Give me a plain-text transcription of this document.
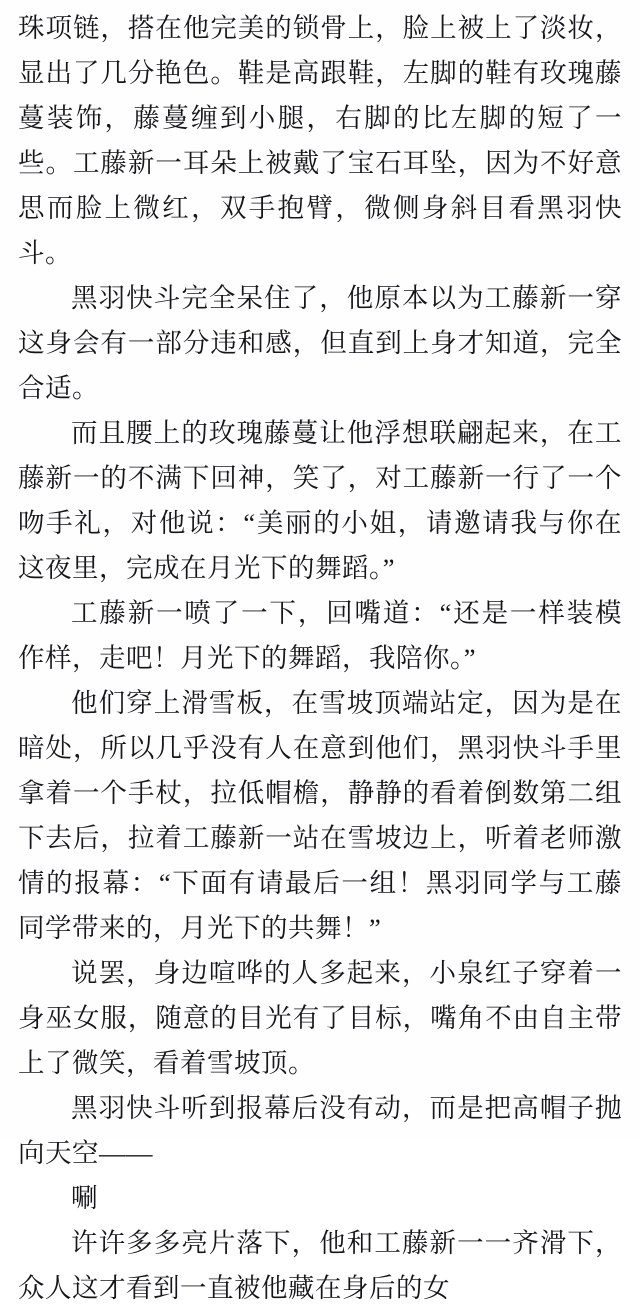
珠项链，搭在他完美的锁骨上，脸上被上了淡妆，显出了几分艳色。鞋是高跟鞋，左脚的鞋有玫瑰藤蔓装饰，藤蔓缠到小腿，右脚的比左脚的短了一些。工藤新一耳朵上被戴了宝石耳坠，因为不好意思而脸上微红，双手抱臂，微侧身斜目看黑羽快斗。

黑羽快斗完全呆住了，他原本以为工藤新一穿这身会有一部分违和感，但直到上身才知道，完全合适。

而且腰上的玫瑰藤蔓让他浮想联翩起来，在工藤新一的不满下回神，笑了，对工藤新一行了一个吻手礼，对他说：“美丽的小姐，请邀请我与你在这夜里，完成在月光下的舞蹈。”

工藤新一喷了一下，回嘴道：“还是一样装模作样，走吧！月光下的舞蹈，我陪你。”

他们穿上滑雪板，在雪坡顶端站定，因为是在暗处，所以几乎没有人在意到他们，黑羽快斗手里拿着一个手杖，拉低帽檐，静静的看着倒数第二组下去后，拉着工藤新一站在雪坡边上，听着老师激情的报幕：“下面有请最后一组！黑羽同学与工藤同学带来的，月光下的共舞！”

说罢，身边喧哗的人多起来，小泉红子穿着一身巫女服，随意的目光有了目标，嘴角不由自主带上了微笑，看着雪坡顶。

黑羽快斗听到报幕后没有动，而是把高帽子抛向天空——

唰

许许多多亮片落下，他和工藤新一一齐滑下，众人这才看到一直被他藏在身后的女
